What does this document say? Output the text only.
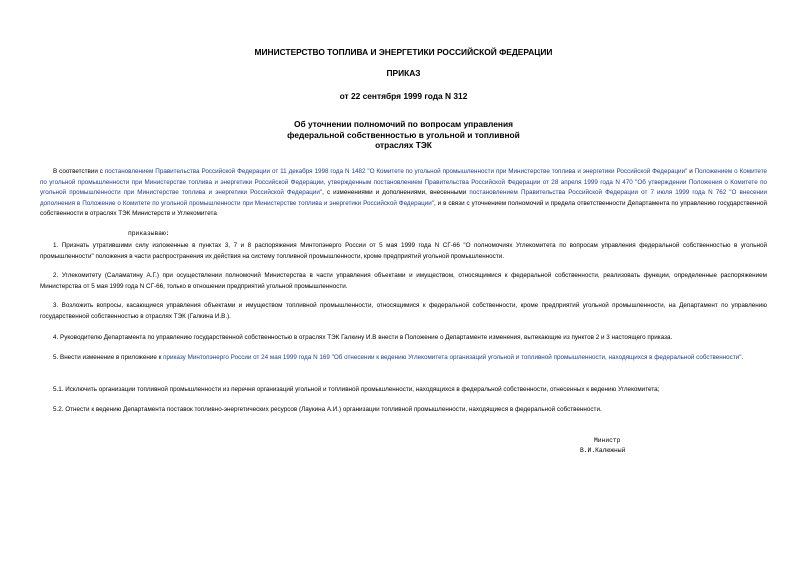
МИНИСТЕРСТВО ТОПЛИВА И ЭНЕРГЕТИКИ РОССИЙСКОЙ ФЕДЕРАЦИИ
ПРИКАЗ
от 22 сентября 1999 года N 312
Об уточнении полномочий по вопросам управления
федеральной собственностью в угольной и топливной
отраслях ТЭК

В соответствии с постановлением Правительства Российской Федерации от 11 декабря 1998 года N 1482 "О Комитете по угольной промышленности при Министерстве топлива и энергетики Российской Федерации" и Положением о Комитете по угольной промышленности при Министерстве топлива и энергетики Российской Федерации, утвержденным постановлением Правительства Российской Федерации от 28 апреля 1999 года N 470 "Об утверждении Положения о Комитете по угольной промышленности при Министерстве топлива и энергетики Российской Федерации", с изменениями и дополнениями, внесенными постановлением Правительства Российской Федерации от 7 июля 1999 года N 762 "О внесении дополнения в Положение о Комитете по угольной промышленности при Министерстве топлива и энергетики Российской Федерации", и в связи с уточнением полномочий и предела ответственности Департамента по управлению государственной собственности в отраслях ТЭК Министерств и Углекомитета

приказываю:

1. Признать утратившими силу изложенные в пунктах 3, 7 и 8 распоряжения Минтопэнерго России от 5 мая 1999 года N СГ-66 "О полномочиях Углекомитета по вопросам управления федеральной собственностью в угольной промышленности" положения в части распространения их действия на систему топливной промышленности, кроме предприятий угольной промышленности.

2. Углекомитету (Саламатину А.Г.) при осуществлении полномочий Министерства в части управления объектами и имуществом, относящимися к федеральной собственности, реализовать функции, определенные распоряжением Министерства от 5 мая 1999 года N СГ-66, только в отношении предприятий угольной промышленности.

3. Возложить вопросы, касающиеся управления объектами и имуществом топливной промышленности, относящимися к федеральной собственности, кроме предприятий угольной промышленности, на Департамент по управлению государственной собственностью в отраслях ТЭК (Галкина И.В.).

4. Руководителю Департамента по управлению государственной собственностью в отраслях ТЭК Галкину И.В внести в Положение о Департаменте изменения, вытекающие из пунктов 2 и 3 настоящего приказа.

5. Внести изменение в приложение к приказу Минтопэнерго России от 24 мая 1999 года N 169 "Об отнесении к ведению Углекомитета организаций угольной и топливной промышленности, находящихся в федеральной собственности".

5.1. Исключить организации топливной промышленности из перечня организаций угольной и топливной промышленности, находящихся в федеральной собственности, отнесенных к ведению Углекомитета;

5.2. Отнести к ведению Департамента поставок топливно-энергетических ресурсов (Лаукина А.И.) организации топливной промышленности, находящиеся в федеральной собственности.

Министр
В.И.Калюжный
